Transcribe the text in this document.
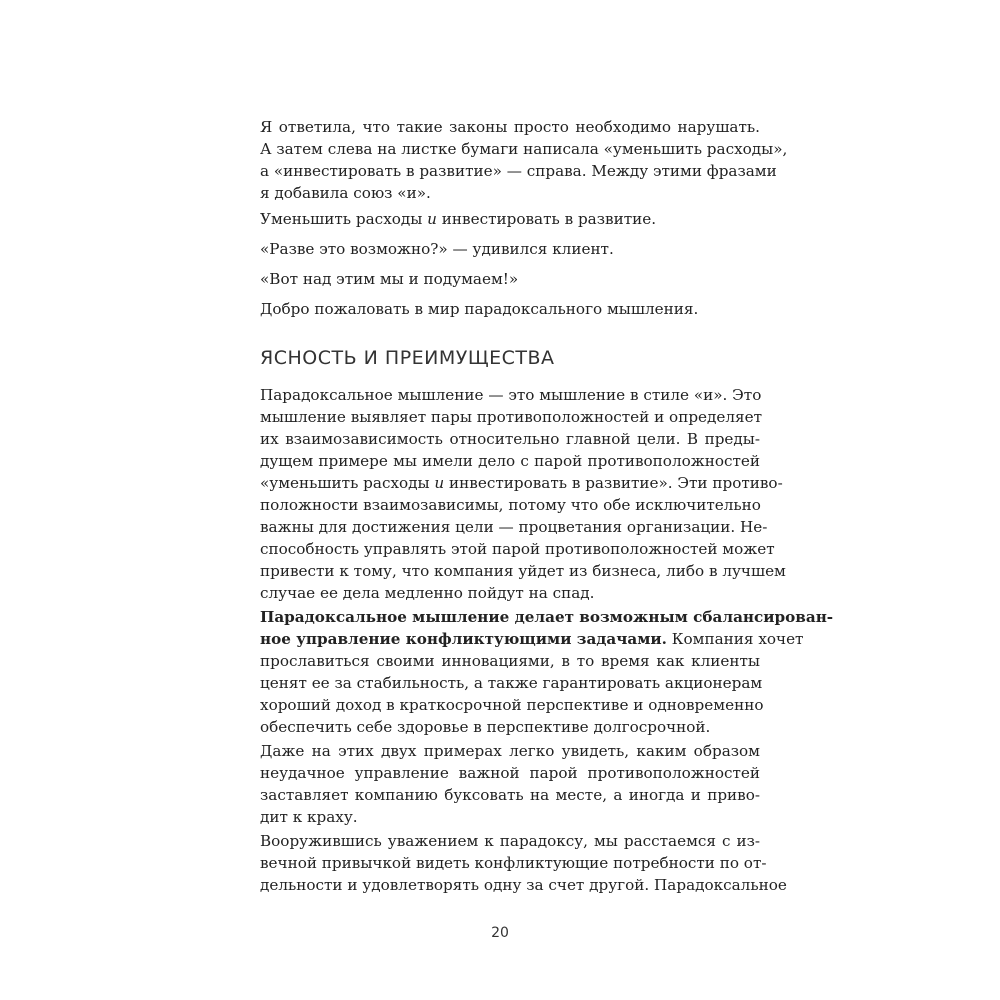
Я ответила, что такие законы просто необходимо нарушать.
А затем слева на листке бумаги написала «уменьшить расходы»,
а «инвестировать в развитие» — справа. Между этими фразами
я добавила союз «и».
Уменьшить расходы и инвестировать в развитие.
«Разве это возможно?» — удивился клиент.
«Вот над этим мы и подумаем!»
Добро пожаловать в мир парадоксального мышления.
ЯСНОСТЬ И ПРЕИМУЩЕСТВА
Парадоксальное мышление — это мышление в стиле «и». Это
мышление выявляет пары противоположностей и определяет
их взаимозависимость относительно главной цели. В преды-
дущем примере мы имели дело с парой противоположностей
«уменьшить расходы и инвестировать в развитие». Эти противо-
положности взаимозависимы, потому что обе исключительно
важны для достижения цели — процветания организации. Не-
способность управлять этой парой противоположностей может
привести к тому, что компания уйдет из бизнеса, либо в лучшем
случае ее дела медленно пойдут на спад.
Парадоксальное мышление делает возможным сбалансирован-
ное управление конфликтующими задачами. Компания хочет
прославиться своими инновациями, в то время как клиенты
ценят ее за стабильность, а также гарантировать акционерам
хороший доход в краткосрочной перспективе и одновременно
обеспечить себе здоровье в перспективе долгосрочной.
Даже на этих двух примерах легко увидеть, каким образом
неудачное управление важной парой противоположностей
заставляет компанию буксовать на месте, а иногда и приво-
дит к краху.
Вооружившись уважением к парадоксу, мы расстаемся с из-
вечной привычкой видеть конфликтующие потребности по от-
дельности и удовлетворять одну за счет другой. Парадоксальное
20
